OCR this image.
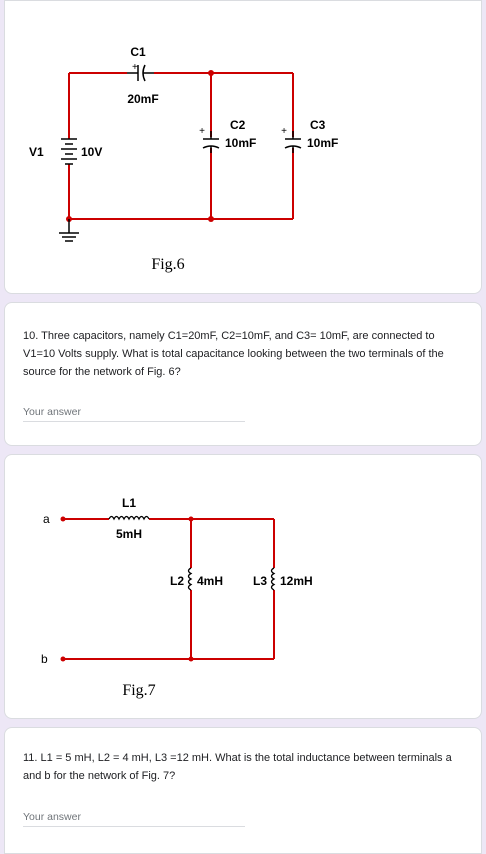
C1
+
20mF
+ C2
10mF
+ C3
10mF
V1	10V
Fig.6
10. Three capacitors, namely C1=20mF, C2=10mF, and C3= 10mF, are connected to V1=10 Volts supply. What is total capacitance looking between the two terminals of the source for the network of Fig. 6?
Your answer
a
b
L1
5mH
L2 4mH L3 12mH
Fig.7
11. L1 = 5 mH, L2 = 4 mH, L3 =12 mH. What is the total inductance between terminals a and b for the network of Fig. 7?
Your answer
